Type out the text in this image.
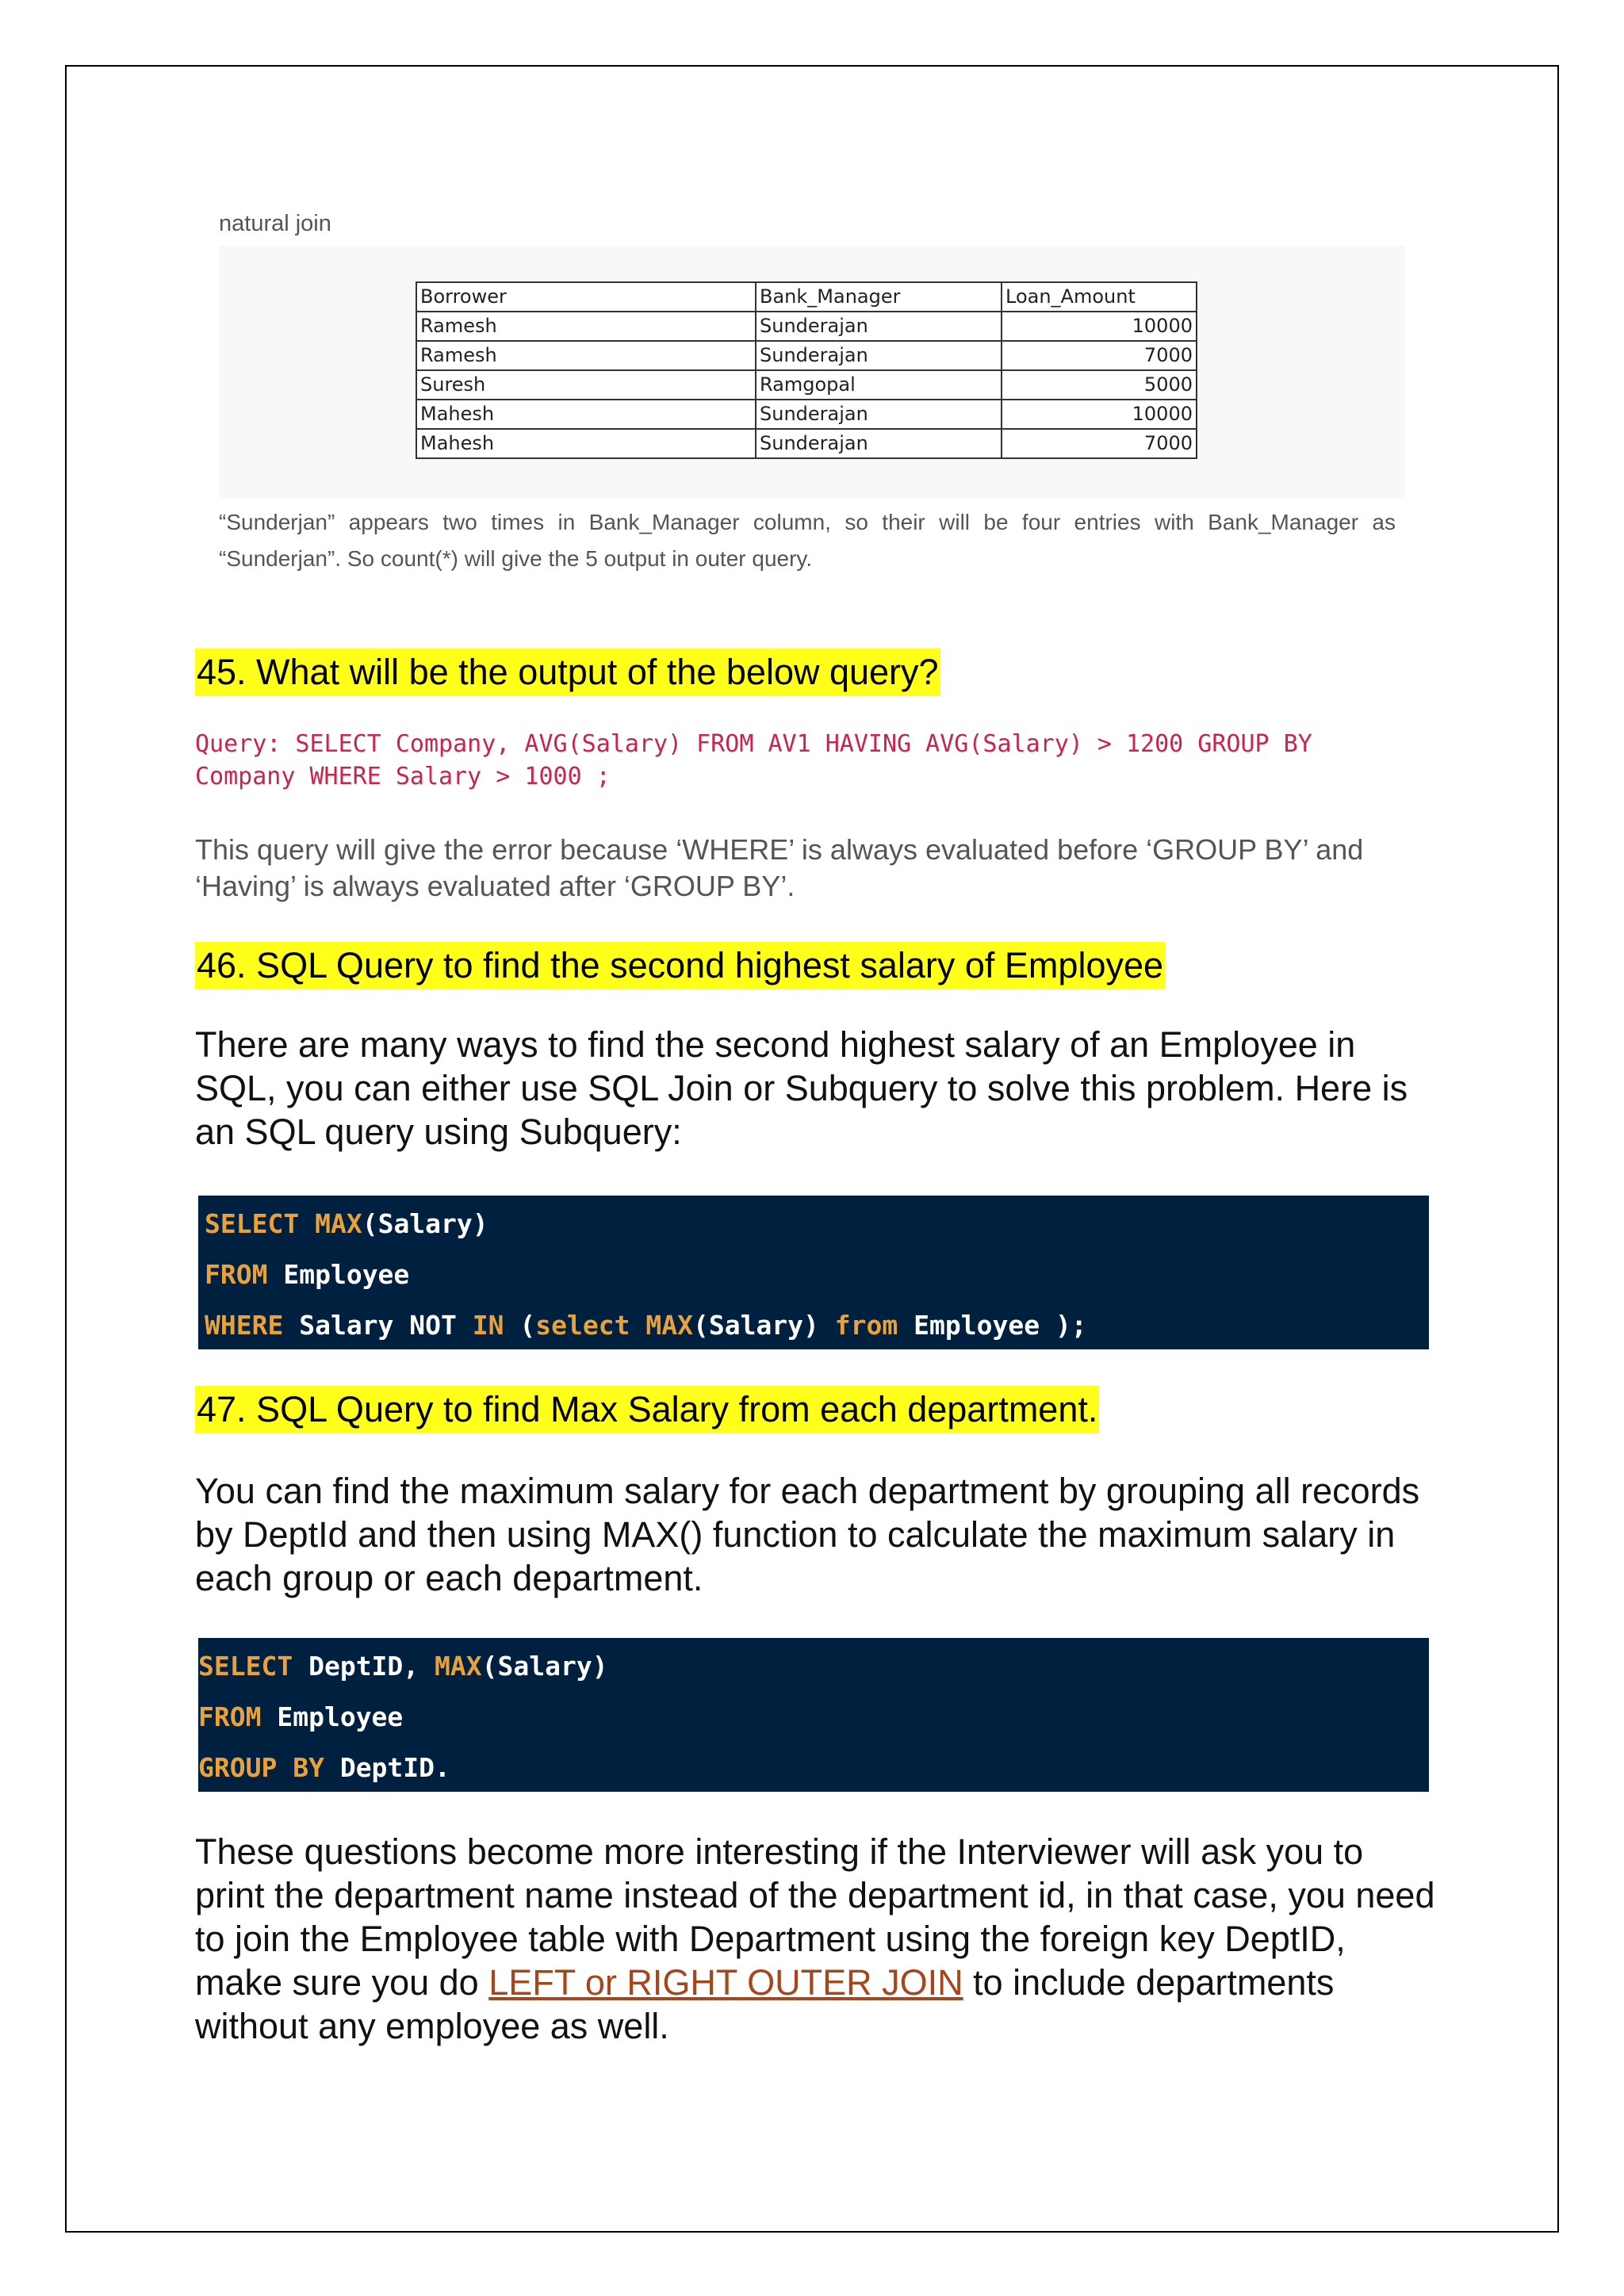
natural join
Borrower	Bank_Manager	Loan_Amount
Ramesh	Sunderajan	10000
Ramesh	Sunderajan	7000
Suresh	Ramgopal	5000
Mahesh	Sunderajan	10000
Mahesh	Sunderajan	7000
“Sunderjan” appears two times in Bank_Manager column, so their will be four entries with Bank_Manager as “Sunderjan”. So count(*) will give the 5 output in outer query.
45. What will be the output of the below query?
Query: SELECT Company, AVG(Salary) FROM AV1 HAVING AVG(Salary) > 1200 GROUP BY
Company WHERE Salary > 1000 ;
This query will give the error because ‘WHERE’ is always evaluated before ‘GROUP BY’ and ‘Having’ is always evaluated after ‘GROUP BY’.
46. SQL Query to find the second highest salary of Employee
There are many ways to find the second highest salary of an Employee in SQL, you can either use SQL Join or Subquery to solve this problem. Here is an SQL query using Subquery:
SELECT MAX(Salary)
FROM Employee
WHERE Salary NOT IN (select MAX(Salary) from Employee );
47. SQL Query to find Max Salary from each department.
You can find the maximum salary for each department by grouping all records by DeptId and then using MAX() function to calculate the maximum salary in each group or each department.
SELECT DeptID, MAX(Salary)
FROM Employee
GROUP BY DeptID.
These questions become more interesting if the Interviewer will ask you to print the department name instead of the department id, in that case, you need to join the Employee table with Department using the foreign key DeptID, make sure you do LEFT or RIGHT OUTER JOIN to include departments without any employee as well.
